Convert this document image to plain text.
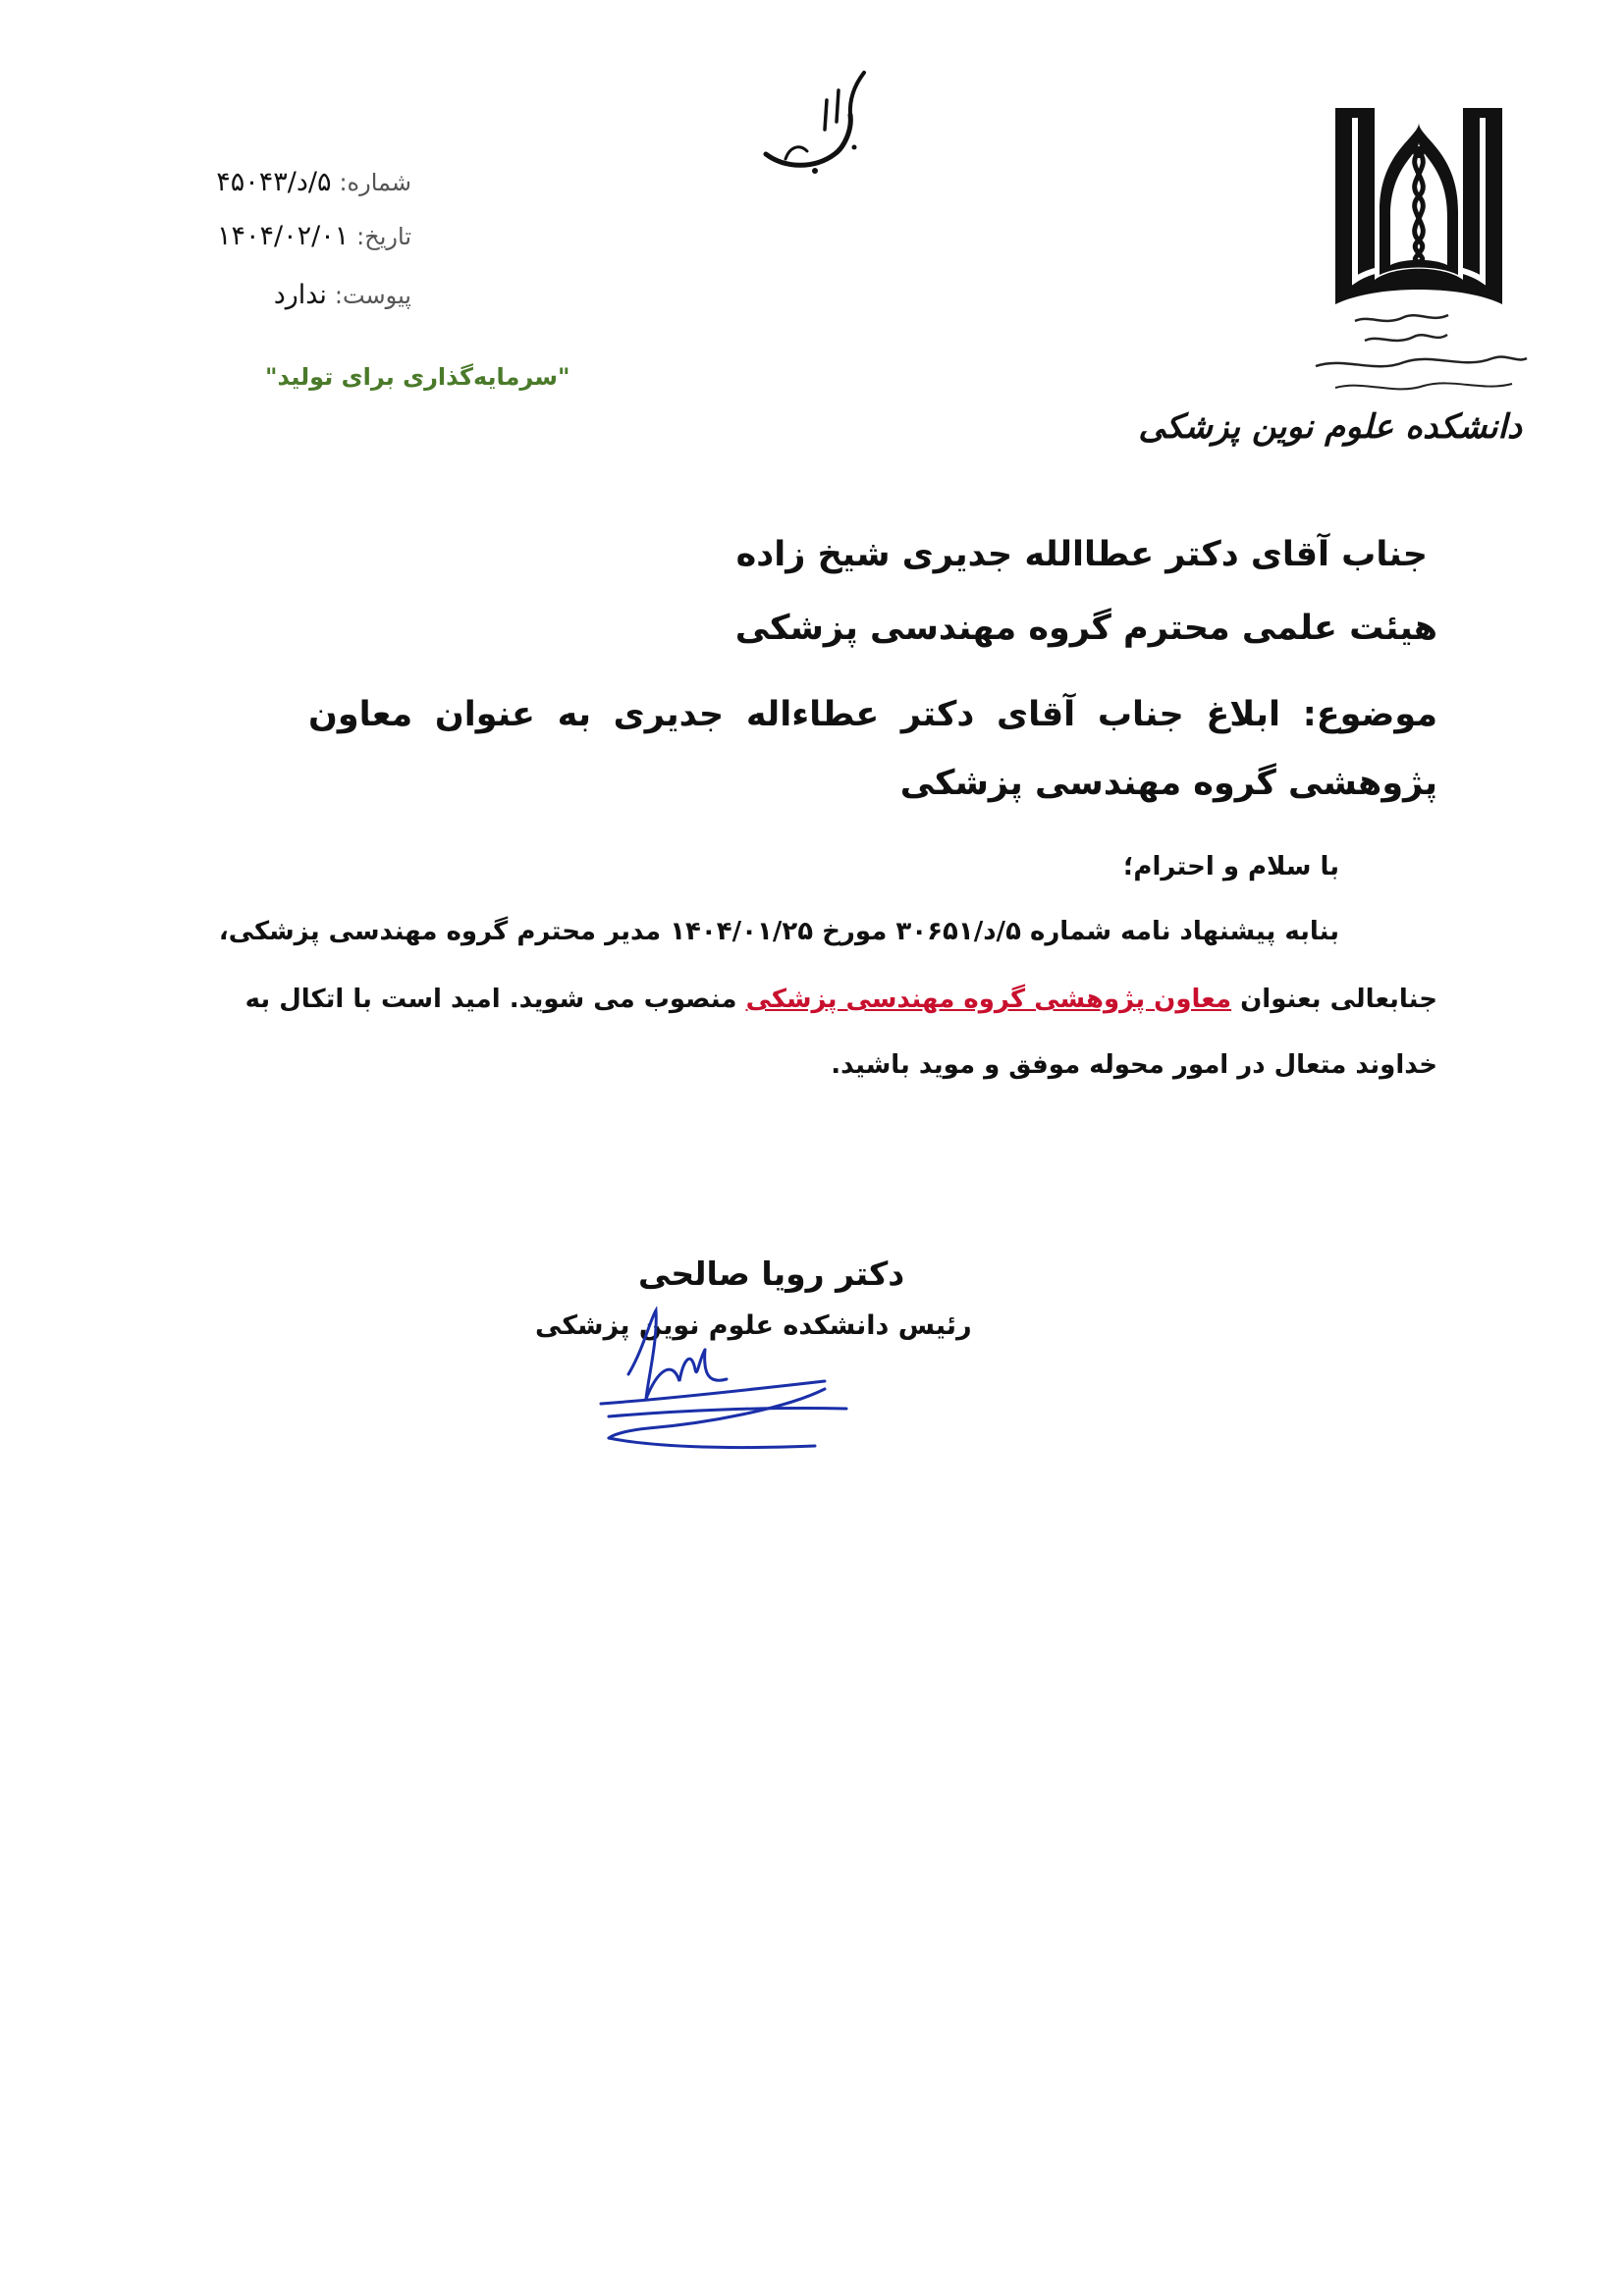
دانشکده علوم نوین پزشکی
شماره: ۵/د/۴۵۰۴۳
تاریخ: ۱۴۰۴/۰۲/۰۱
پیوست: ندارد
"سرمایه‌گذاری برای تولید"
جناب آقای دکتر عطاالله جدیری شیخ زاده
هیئت علمی محترم گروه مهندسی پزشکی
موضوع: ابلاغ جناب آقای دکتر عطاءاله جدیری به عنوان معاون پژوهشی گروه مهندسی پزشکی
با سلام و احترام؛
بنابه پیشنهاد نامه شماره ۵/د/۳۰۶۵۱ مورخ ۱۴۰۴/۰۱/۲۵ مدیر محترم گروه مهندسی پزشکی،
جنابعالی بعنوان معاون پژوهشی گروه مهندسی پزشکی منصوب می شوید. امید است با اتکال به
خداوند متعال در امور محوله موفق و موید باشید.
دکتر رویا صالحی
رئیس دانشکده علوم نوین پزشکی
